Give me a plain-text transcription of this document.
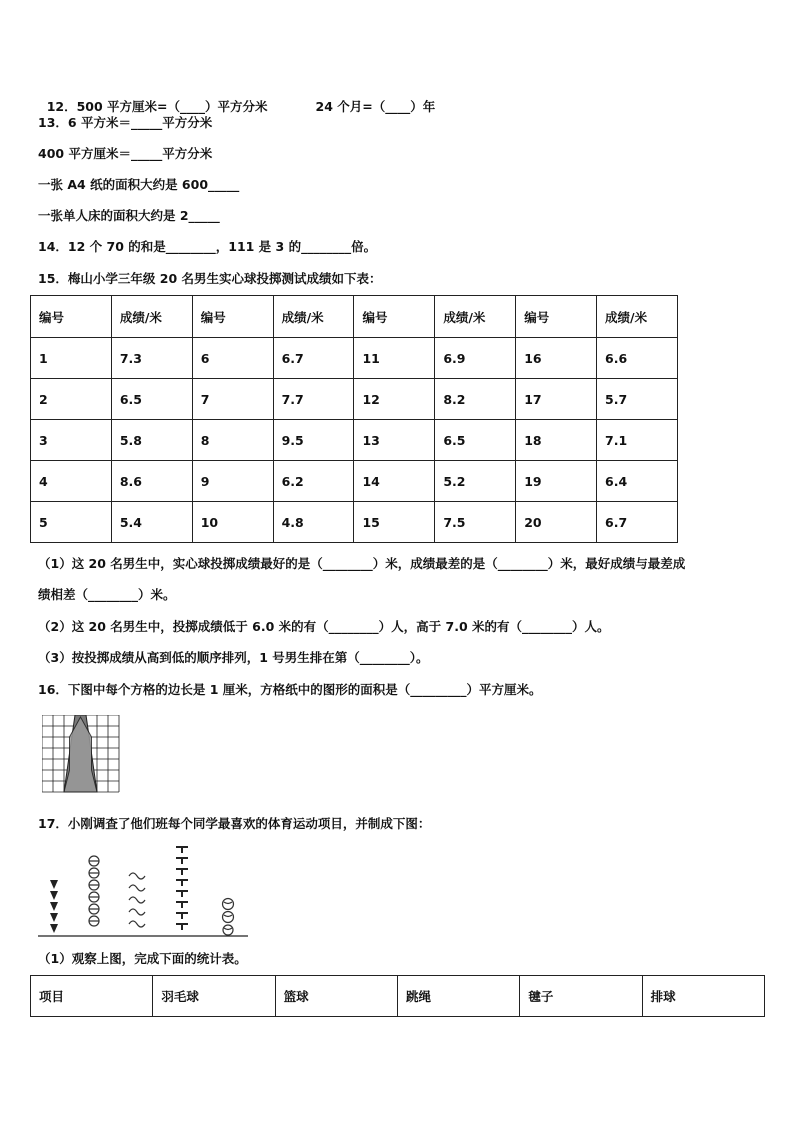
12．500 平方厘米=（____）平方分米	24 个月=（____）年

13．6 平方米＝_____平方分米
400 平方厘米＝_____平方分米
一张 A4 纸的面积大约是 600_____
一张单人床的面积大约是 2_____
14．12 个 70 的和是________，111 是 3 的________倍。
15．梅山小学三年级 20 名男生实心球投掷测试成绩如下表：
编号	成绩/米	编号	成绩/米	编号	成绩/米	编号	成绩/米
1	7.3	6	6.7	11	6.9	16	6.6
2	6.5	7	7.7	12	8.2	17	5.7
3	5.8	8	9.5	13	6.5	18	7.1
4	8.6	9	6.2	14	5.2	19	6.4
5	5.4	10	4.8	15	7.5	20	6.7
（1）这 20 名男生中，实心球投掷成绩最好的是（________）米，成绩最差的是（________）米，最好成绩与最差成
绩相差（________）米。
（2）这 20 名男生中，投掷成绩低于 6.0 米的有（________）人，高于 7.0 米的有（________）人。
（3）按投掷成绩从高到低的顺序排列，1 号男生排在第（________）。
16．下图中每个方格的边长是 1 厘米，方格纸中的图形的面积是（_________）平方厘米。
17．小刚调查了他们班每个同学最喜欢的体育运动项目，并制成下图：
（1）观察上图，完成下面的统计表。
项目	羽毛球	篮球	跳绳	毽子	排球
